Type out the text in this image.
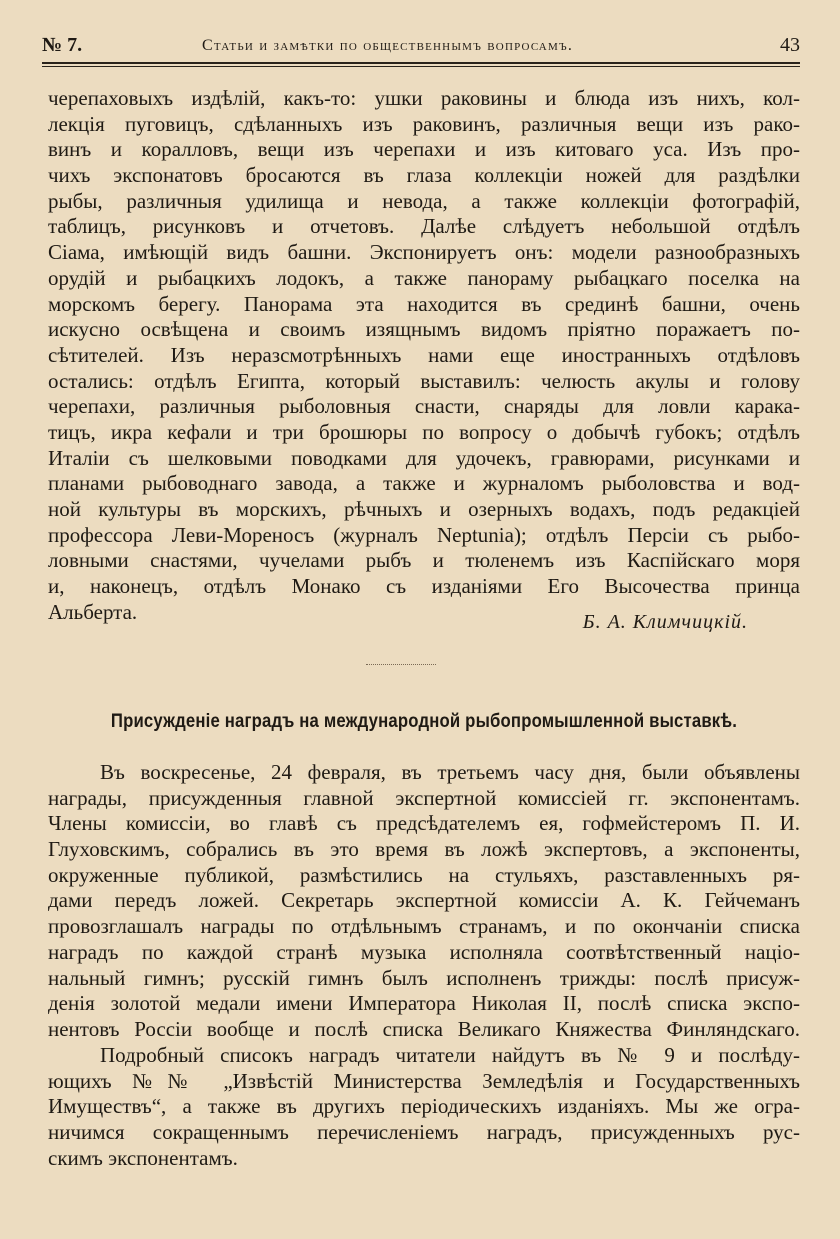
№ 7.	Статьи и замѣтки по общественнымъ вопросамъ.	43
черепаховыхъ издѣлій, какъ-то: ушки раковины и блюда изъ нихъ, кол-
лекція пуговицъ, сдѣланныхъ изъ раковинъ, различныя вещи изъ рако-
винъ и коралловъ, вещи изъ черепахи и изъ китоваго уса. Изъ про-
чихъ экспонатовъ бросаются въ глаза коллекціи ножей для раздѣлки
рыбы, различныя удилища и невода, а также коллекціи фотографій,
таблицъ, рисунковъ и отчетовъ. Далѣе слѣдуетъ небольшой отдѣлъ
Сіама, имѣющій видъ башни. Экспонируетъ онъ: модели разнообразныхъ
орудій и рыбацкихъ лодокъ, а также панораму рыбацкаго поселка на
морскомъ берегу. Панорама эта находится въ срединѣ башни, очень
искусно освѣщена и своимъ изящнымъ видомъ пріятно поражаетъ по-
сѣтителей. Изъ неразсмотрѣнныхъ нами еще иностранныхъ отдѣловъ
остались: отдѣлъ Египта, который выставилъ: челюсть акулы и голову
черепахи, различныя рыболовныя снасти, снаряды для ловли карака-
тицъ, икра кефали и три брошюры по вопросу о добычѣ губокъ; отдѣлъ
Италіи съ шелковыми поводками для удочекъ, гравюрами, рисунками и
планами рыбоводнаго завода, а также и журналомъ рыболовства и вод-
ной культуры въ морскихъ, рѣчныхъ и озерныхъ водахъ, подъ редакціей
профессора Леви-Мореносъ (журналъ Neptunia); отдѣлъ Персіи съ рыбо-
ловными снастями, чучелами рыбъ и тюленемъ изъ Каспійскаго моря
и, наконецъ, отдѣлъ Монако съ изданіями Его Высочества принца
Альберта.	Б. А. Климчицкій.
Присужденіе наградъ на международной рыбопромышленной выставкѣ.
Въ воскресенье, 24 февраля, въ третьемъ часу дня, были объявлены
награды, присужденныя главной экспертной комиссіей гг. экспонентамъ.
Члены комиссіи, во главѣ съ предсѣдателемъ ея, гофмейстеромъ П. И.
Глуховскимъ, собрались въ это время въ ложѣ экспертовъ, а экспоненты,
окруженные публикой, размѣстились на стульяхъ, разставленныхъ ря-
дами передъ ложей. Секретарь экспертной комиссіи А. К. Гейчеманъ
провозглашалъ награды по отдѣльнымъ странамъ, и по окончаніи списка
наградъ по каждой странѣ музыка исполняла соотвѣтственный націо-
нальный гимнъ; русскій гимнъ былъ исполненъ трижды: послѣ присуж-
денія золотой медали имени Императора Николая II, послѣ списка экспо-
нентовъ Россіи вообще и послѣ списка Великаго Княжества Финляндскаго.
Подробный списокъ наградъ читатели найдутъ въ № 9 и послѣду-
ющихъ №№ „Извѣстій Министерства Земледѣлія и Государственныхъ
Имуществъ“, а также въ другихъ періодическихъ изданіяхъ. Мы же огра-
ничимся сокращеннымъ перечисленіемъ наградъ, присужденныхъ рус-
скимъ экспонентамъ.
